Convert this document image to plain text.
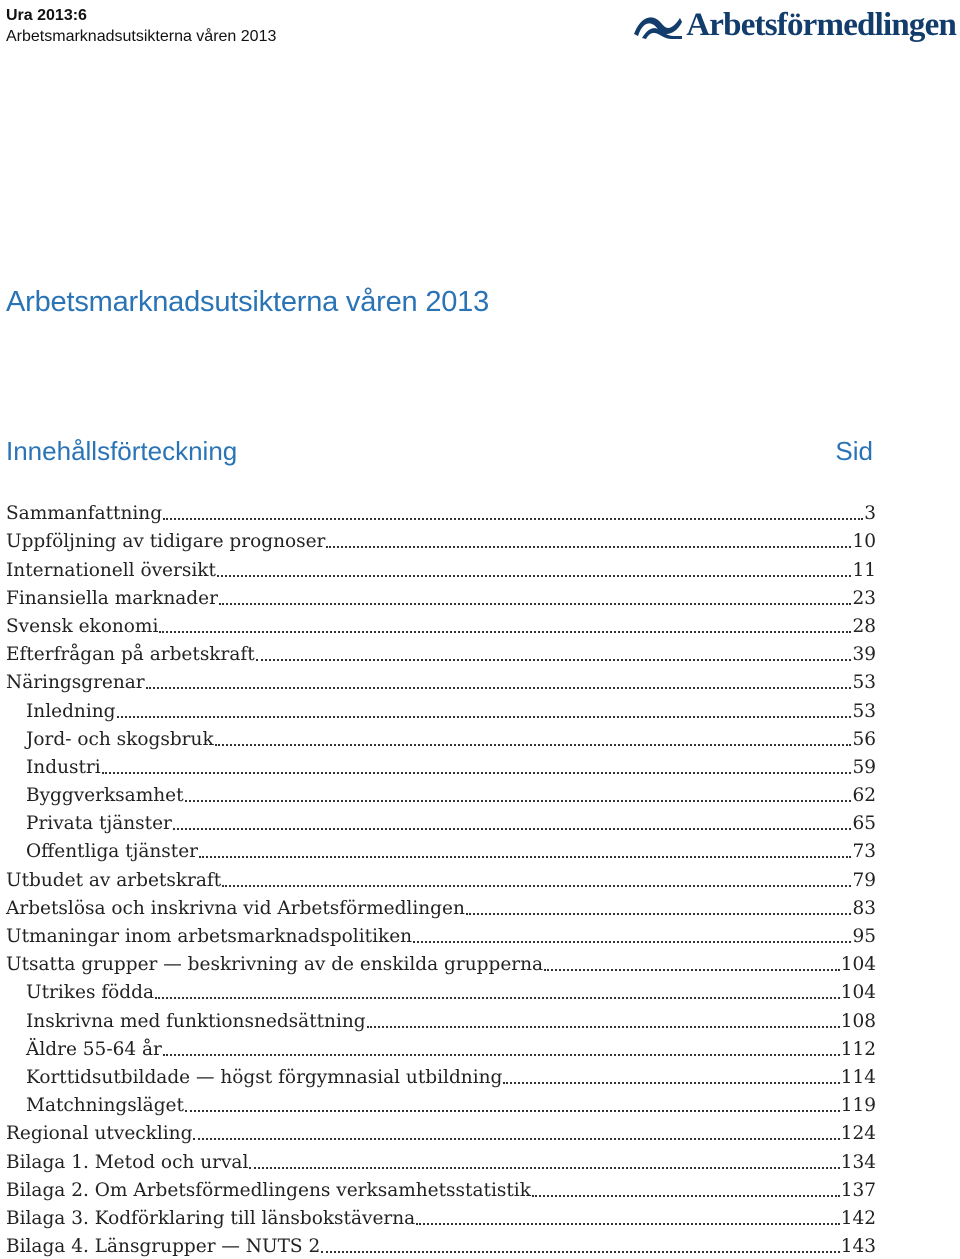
Ura 2013:6
Arbetsmarknadsutsikterna våren 2013	Arbetsförmedlingen
Arbetsmarknadsutsikterna våren 2013
Innehållsförteckning	Sid
Sammanfattning	3
Uppföljning av tidigare prognoser	10
Internationell översikt	11
Finansiella marknader	23
Svensk ekonomi	28
Efterfrågan på arbetskraft	39
Näringsgrenar	53
Inledning	53
Jord- och skogsbruk	56
Industri	59
Byggverksamhet	62
Privata tjänster	65
Offentliga tjänster	73
Utbudet av arbetskraft	79
Arbetslösa och inskrivna vid Arbetsförmedlingen	83
Utmaningar inom arbetsmarknadspolitiken	95
Utsatta grupper — beskrivning av de enskilda grupperna	104
Utrikes födda	104
Inskrivna med funktionsnedsättning	108
Äldre 55-64 år	112
Korttidsutbildade — högst förgymnasial utbildning	114
Matchningsläget	119
Regional utveckling	124
Bilaga 1. Metod och urval	134
Bilaga 2. Om Arbetsförmedlingens verksamhetsstatistik	137
Bilaga 3. Kodförklaring till länsbokstäverna	142
Bilaga 4. Länsgrupper — NUTS 2	143
